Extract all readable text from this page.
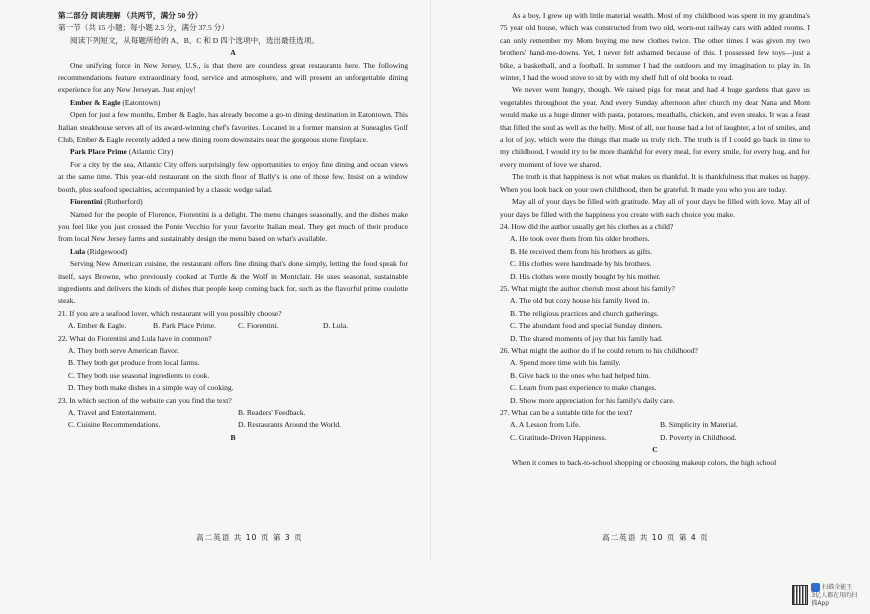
第二部分 阅读理解 （共两节，满分 50 分）

第一节（共 15 小题；每小题 2.5 分，满分 37.5 分）

阅读下列短文，从每题所给的 A、B、C 和 D 四个选项中，选出最佳选项。

A

One unifying force in New Jersey, U.S., is that there are countless great restaurants here. The following recommendations feature extraordinary food, service and atmosphere, and will present an unforgettable dining experience for any New Jerseyan. Just enjoy!

Ember & Eagle (Eatontown)

Open for just a few months, Ember & Eagle, has already become a go-to dining destination in Eatontown. This Italian steakhouse serves all of its award-winning chef's favorites. Located in a former mansion at Suneagles Golf Club, Ember & Eagle recently added a new dining room downstairs near the gorgeous stone fireplace.

Park Place Prime (Atlantic City)

For a city by the sea, Atlantic City offers surprisingly few opportunities to enjoy fine dining and ocean views at the same time. This year-old restaurant on the sixth floor of Bally's is one of those few. Insist on a window booth, plus seafood specialties, accompanied by a classic wedge salad.

Fiorentini (Rutherford)

Named for the people of Florence, Fiorentini is a delight. The menu changes seasonally, and the dishes make you feel like you just crossed the Ponte Vecchio for your favorite Italian meal. They get much of their produce from local New Jersey farms and sustainably design the menu based on what's available.

Lula (Ridgewood)

Serving New American cuisine, the restaurant offers fine dining that's done simply, letting the food speak for itself, says Browne, who previously cooked at Turtle & the Wolf in Montclair. He uses seasonal, sustainable ingredients and delivers the kinds of dishes that people keep coming back for, such as the flavorful prime coulotte steak.

21. If you are a seafood lover, which restaurant will you possibly choose?

A. Ember & Eagle.	B. Park Place Prime.	C. Fiorentini.	D. Lula.

22. What do Fiorentini and Lula have in common?

A. They both serve American flavor.

B. They both get produce from local farms.

C. They both use seasonal ingredients to cook.

D. They both make dishes in a simple way of cooking.

23. In which section of the website can you find the text?

A. Travel and Entertainment.	B. Readers' Feedback.
C. Cuisine Recommendations.	D. Restaurants Around the World.

B

As a boy, I grew up with little material wealth. Most of my childhood was spent in my grandma's 75 year old house, which was constructed from two old, worn-out railway cars with added rooms. I can only remember my Mom buying me new clothes twice. The other times I was given my two brothers' hand-me-downs. Yet, I never felt ashamed because of this. I possessed few toys—just a bike, a basketball, and a football. In summer I had the outdoors and my imagination to play in. In winter, I had the wood stove to sit by with my shelf full of old books to read.

We never went hungry, though. We raised pigs for meat and had 4 huge gardens that gave us vegetables throughout the year. And every Sunday afternoon after church my dear Nana and Mom would make us a huge dinner with pasta, potatoes, meatballs, chicken, and even steaks. It was a feast that filled the soul as well as the belly. Most of all, our house had a lot of laughter, a lot of smiles, and a lot of joy, which were the things that made us truly rich. The truth is if I could go back in time to my childhood, I would try to be more thankful for every meal, for every smile, for every hug, and for every moment of love we shared.

The truth is that happiness is not what makes us thankful. It is thankfulness that makes us happy. When you look back on your own childhood, then be grateful. It made you who you are today.

May all of your days be filled with gratitude. May all of your days be filled with love. May all of your days be filled with the happiness you create with each choice you make.

24. How did the author usually get his clothes as a child?

A. He took over them from his older brothers.

B. He received them from his brothers as gifts.

C. His clothes were handmade by his brothers.

D. His clothes were mostly bought by his mother.

25. What might the author cherish most about his family?

A. The old but cozy house his family lived in.

B. The religious practices and church gatherings.

C. The abundant food and special Sunday dinners.

D. The shared moments of joy that his family had.

26. What might the author do if he could return to his childhood?

A. Spend more time with his family.

B. Give back to the ones who had helped him.

C. Learn from past experience to make changes.

D. Show more appreciation for his family's daily care.

27. What can be a suitable title for the text?

A. A Lesson from Life.	B. Simplicity in Material.
C. Gratitude-Driven Happiness.	D. Poverty in Childhood.

C

When it comes to back-to-school shopping or choosing makeup colors, the high school

高二英语 共 10 页 第 3 页	高二英语 共 10 页 第 4 页
扫描全能王
3亿人都在用的扫描App
